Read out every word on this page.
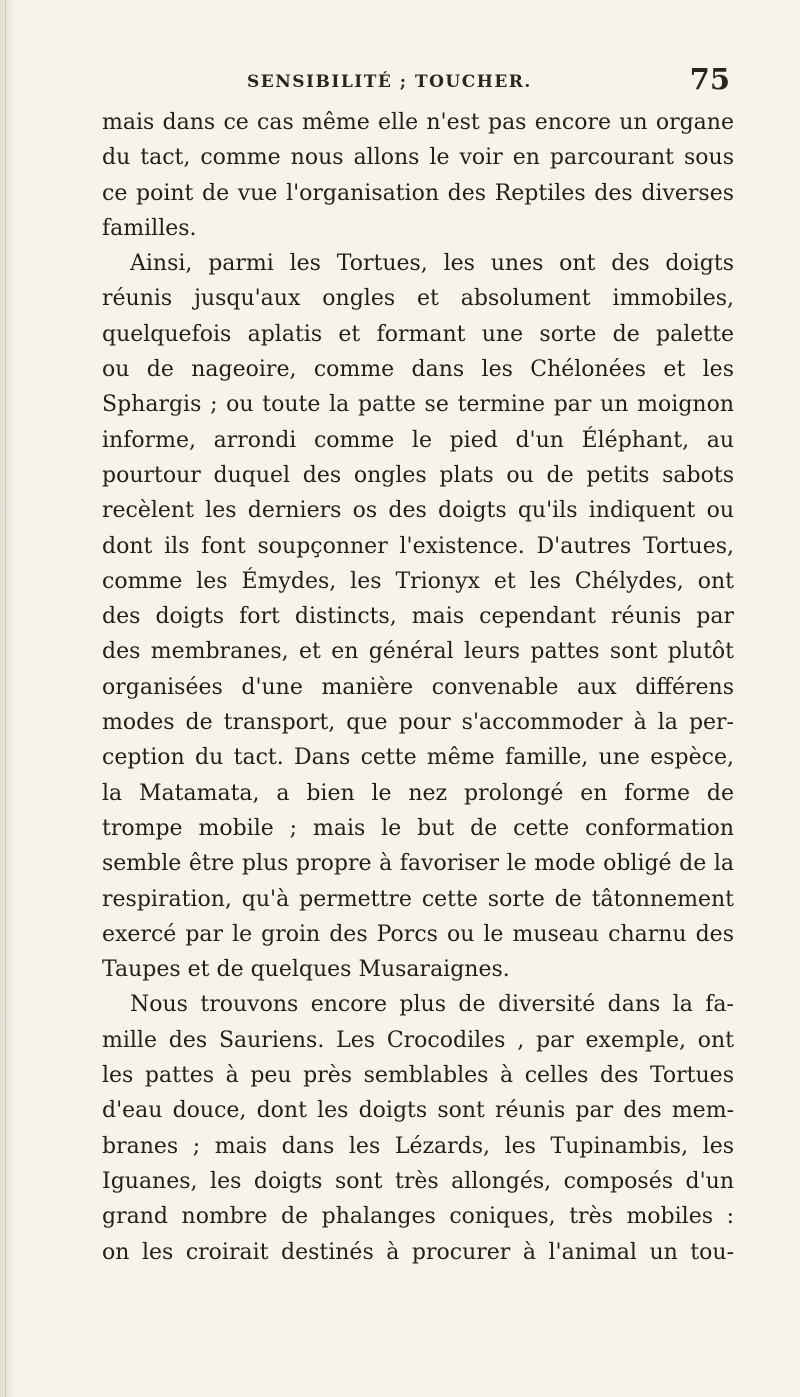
SENSIBILITÉ ; TOUCHER.	75
mais dans ce cas même elle n'est pas encore un organe
du tact, comme nous allons le voir en parcourant sous
ce point de vue l'organisation des Reptiles des diverses
familles.
Ainsi, parmi les Tortues, les unes ont des doigts
réunis jusqu'aux ongles et absolument immobiles,
quelquefois aplatis et formant une sorte de palette
ou de nageoire, comme dans les Chélonées et les
Sphargis ; ou toute la patte se termine par un moignon
informe, arrondi comme le pied d'un Éléphant, au
pourtour duquel des ongles plats ou de petits sabots
recèlent les derniers os des doigts qu'ils indiquent ou
dont ils font soupçonner l'existence. D'autres Tortues,
comme les Émydes, les Trionyx et les Chélydes, ont
des doigts fort distincts, mais cependant réunis par
des membranes, et en général leurs pattes sont plutôt
organisées d'une manière convenable aux différens
modes de transport, que pour s'accommoder à la per-
ception du tact. Dans cette même famille, une espèce,
la Matamata, a bien le nez prolongé en forme de
trompe mobile ; mais le but de cette conformation
semble être plus propre à favoriser le mode obligé de la
respiration, qu'à permettre cette sorte de tâtonnement
exercé par le groin des Porcs ou le museau charnu des
Taupes et de quelques Musaraignes.
Nous trouvons encore plus de diversité dans la fa-
mille des Sauriens. Les Crocodiles , par exemple, ont
les pattes à peu près semblables à celles des Tortues
d'eau douce, dont les doigts sont réunis par des mem-
branes ; mais dans les Lézards, les Tupinambis, les
Iguanes, les doigts sont très allongés, composés d'un
grand nombre de phalanges coniques, très mobiles :
on les croirait destinés à procurer à l'animal un tou-
